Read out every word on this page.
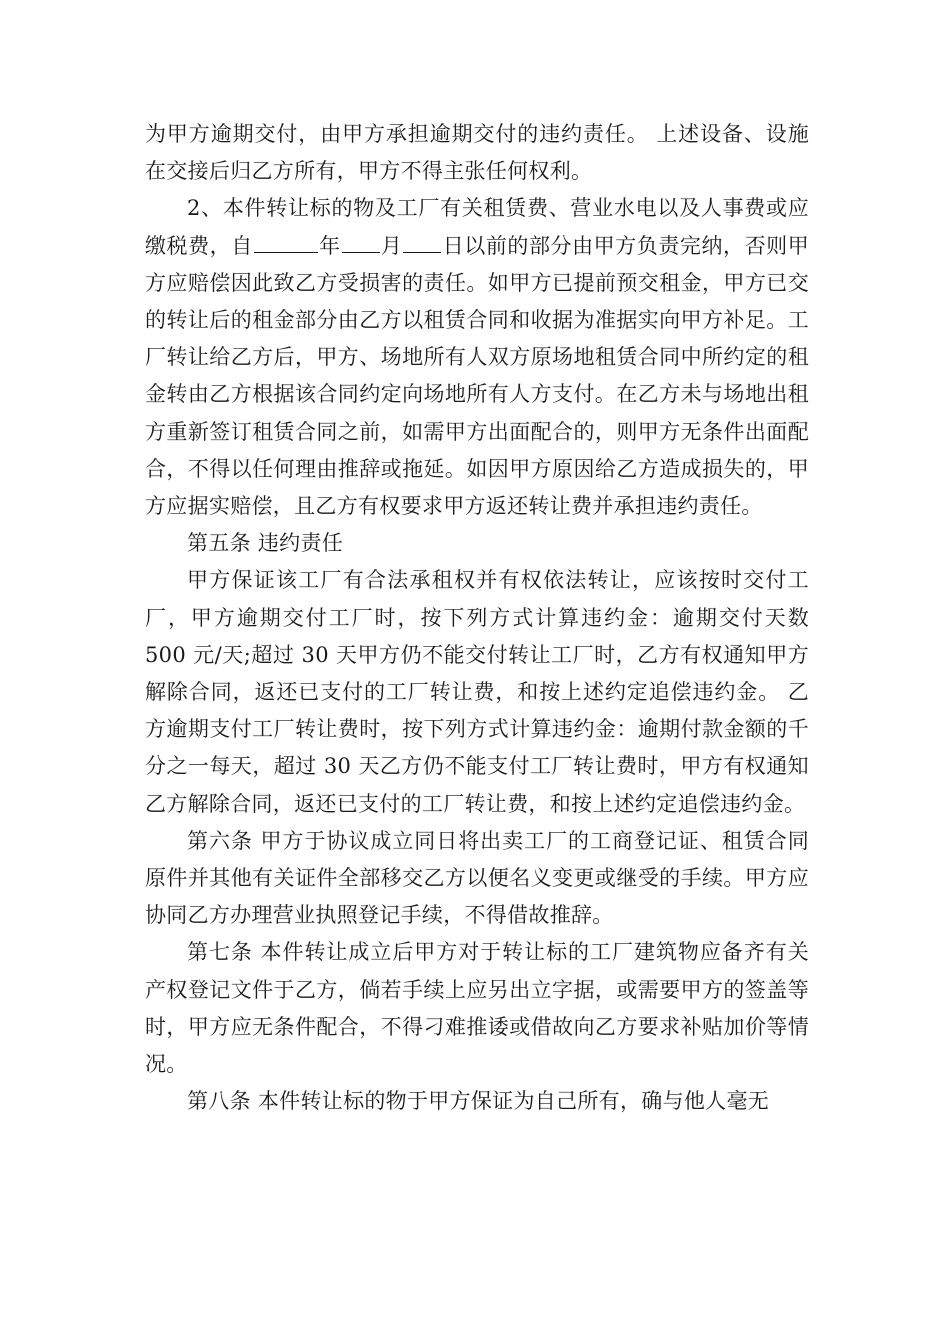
为甲方逾期交付，由甲方承担逾期交付的违约责任。 上述设备、设施在交接后归乙方所有，甲方不得主张任何权利。

2、本件转让标的物及工厂有关租赁费、营业水电以及人事费或应缴税费，自	年 月 日以前的部分由甲方负责完纳，否则甲方应赔偿因此致乙方受损害的责任。如甲方已提前预交租金，甲方已交的转让后的租金部分由乙方以租赁合同和收据为准据实向甲方补足。工厂转让给乙方后，甲方、场地所有人双方原场地租赁合同中所约定的租金转由乙方根据该合同约定向场地所有人方支付。在乙方未与场地出租方重新签订租赁合同之前，如需甲方出面配合的，则甲方无条件出面配合，不得以任何理由推辞或拖延。如因甲方原因给乙方造成损失的，甲方应据实赔偿，且乙方有权要求甲方返还转让费并承担违约责任。

第五条 违约责任

甲方保证该工厂有合法承租权并有权依法转让，应该按时交付工厂，甲方逾期交付工厂时，按下列方式计算违约金：逾期交付天数 500 元/天;超过 30 天甲方仍不能交付转让工厂时，乙方有权通知甲方解除合同，返还已支付的工厂转让费，和按上述约定追偿违约金。 乙方逾期支付工厂转让费时，按下列方式计算违约金：逾期付款金额的千分之一每天，超过 30 天乙方仍不能支付工厂转让费时，甲方有权通知乙方解除合同，返还已支付的工厂转让费，和按上述约定追偿违约金。

第六条 甲方于协议成立同日将出卖工厂的工商登记证、租赁合同原件并其他有关证件全部移交乙方以便名义变更或继受的手续。甲方应协同乙方办理营业执照登记手续，不得借故推辞。

第七条 本件转让成立后甲方对于转让标的工厂建筑物应备齐有关产权登记文件于乙方，倘若手续上应另出立字据，或需要甲方的签盖等时，甲方应无条件配合，不得刁难推诿或借故向乙方要求补贴加价等情况。

第八条 本件转让标的物于甲方保证为自己所有，确与他人毫无
